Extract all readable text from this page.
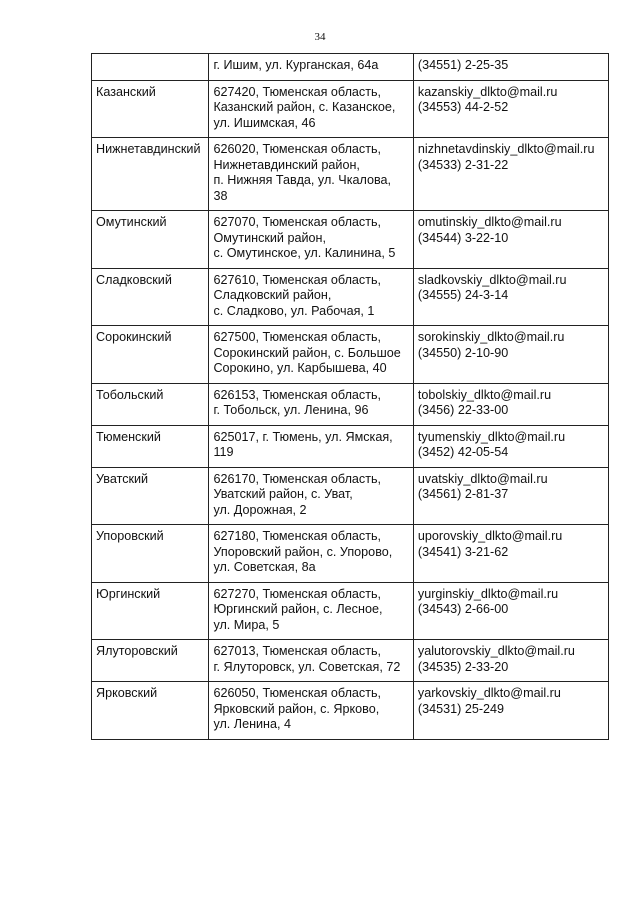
34

	г. Ишим, ул. Курганская, 64а	(34551) 2-25-35

Казанский	627420, Тюменская область,
Казанский район, с. Казанское,
ул. Ишимская, 46	kazanskiy_dlkto@mail.ru
(34553) 44-2-52

Нижнетавдинский	626020, Тюменская область,
Нижнетавдинский район,
п. Нижняя Тавда, ул. Чкалова,
38	nizhnetavdinskiy_dlkto@mail.ru
(34533) 2-31-22

Омутинский	627070, Тюменская область,
Омутинский район,
с. Омутинское, ул. Калинина, 5	omutinskiy_dlkto@mail.ru
(34544) 3-22-10

Сладковский	627610, Тюменская область,
Сладковский район,
с. Сладково, ул. Рабочая, 1	sladkovskiy_dlkto@mail.ru
(34555) 24-3-14

Сорокинский	627500, Тюменская область,
Сорокинский район, с. Большое
Сорокино, ул. Карбышева, 40	sorokinskiy_dlkto@mail.ru
(34550) 2-10-90

Тобольский	626153, Тюменская область,
г. Тобольск, ул. Ленина, 96	tobolskiy_dlkto@mail.ru
(3456) 22-33-00

Тюменский	625017, г. Тюмень, ул. Ямская,
119	tyumenskiy_dlkto@mail.ru
(3452) 42-05-54

Уватский	626170, Тюменская область,
Уватский район, с. Уват,
ул. Дорожная, 2	uvatskiy_dlkto@mail.ru
(34561) 2-81-37

Упоровский	627180, Тюменская область,
Упоровский район, с. Упорово,
ул. Советская, 8а	uporovskiy_dlkto@mail.ru
(34541) 3-21-62

Юргинский	627270, Тюменская область,
Юргинский район, с. Лесное,
ул. Мира, 5	yurginskiy_dlkto@mail.ru
(34543) 2-66-00

Ялуторовский	627013, Тюменская область,
г. Ялуторовск, ул. Советская, 72	yalutorovskiy_dlkto@mail.ru
(34535) 2-33-20

Ярковский	626050, Тюменская область,
Ярковский район, с. Ярково,
ул. Ленина, 4	yarkovskiy_dlkto@mail.ru
(34531) 25-249
